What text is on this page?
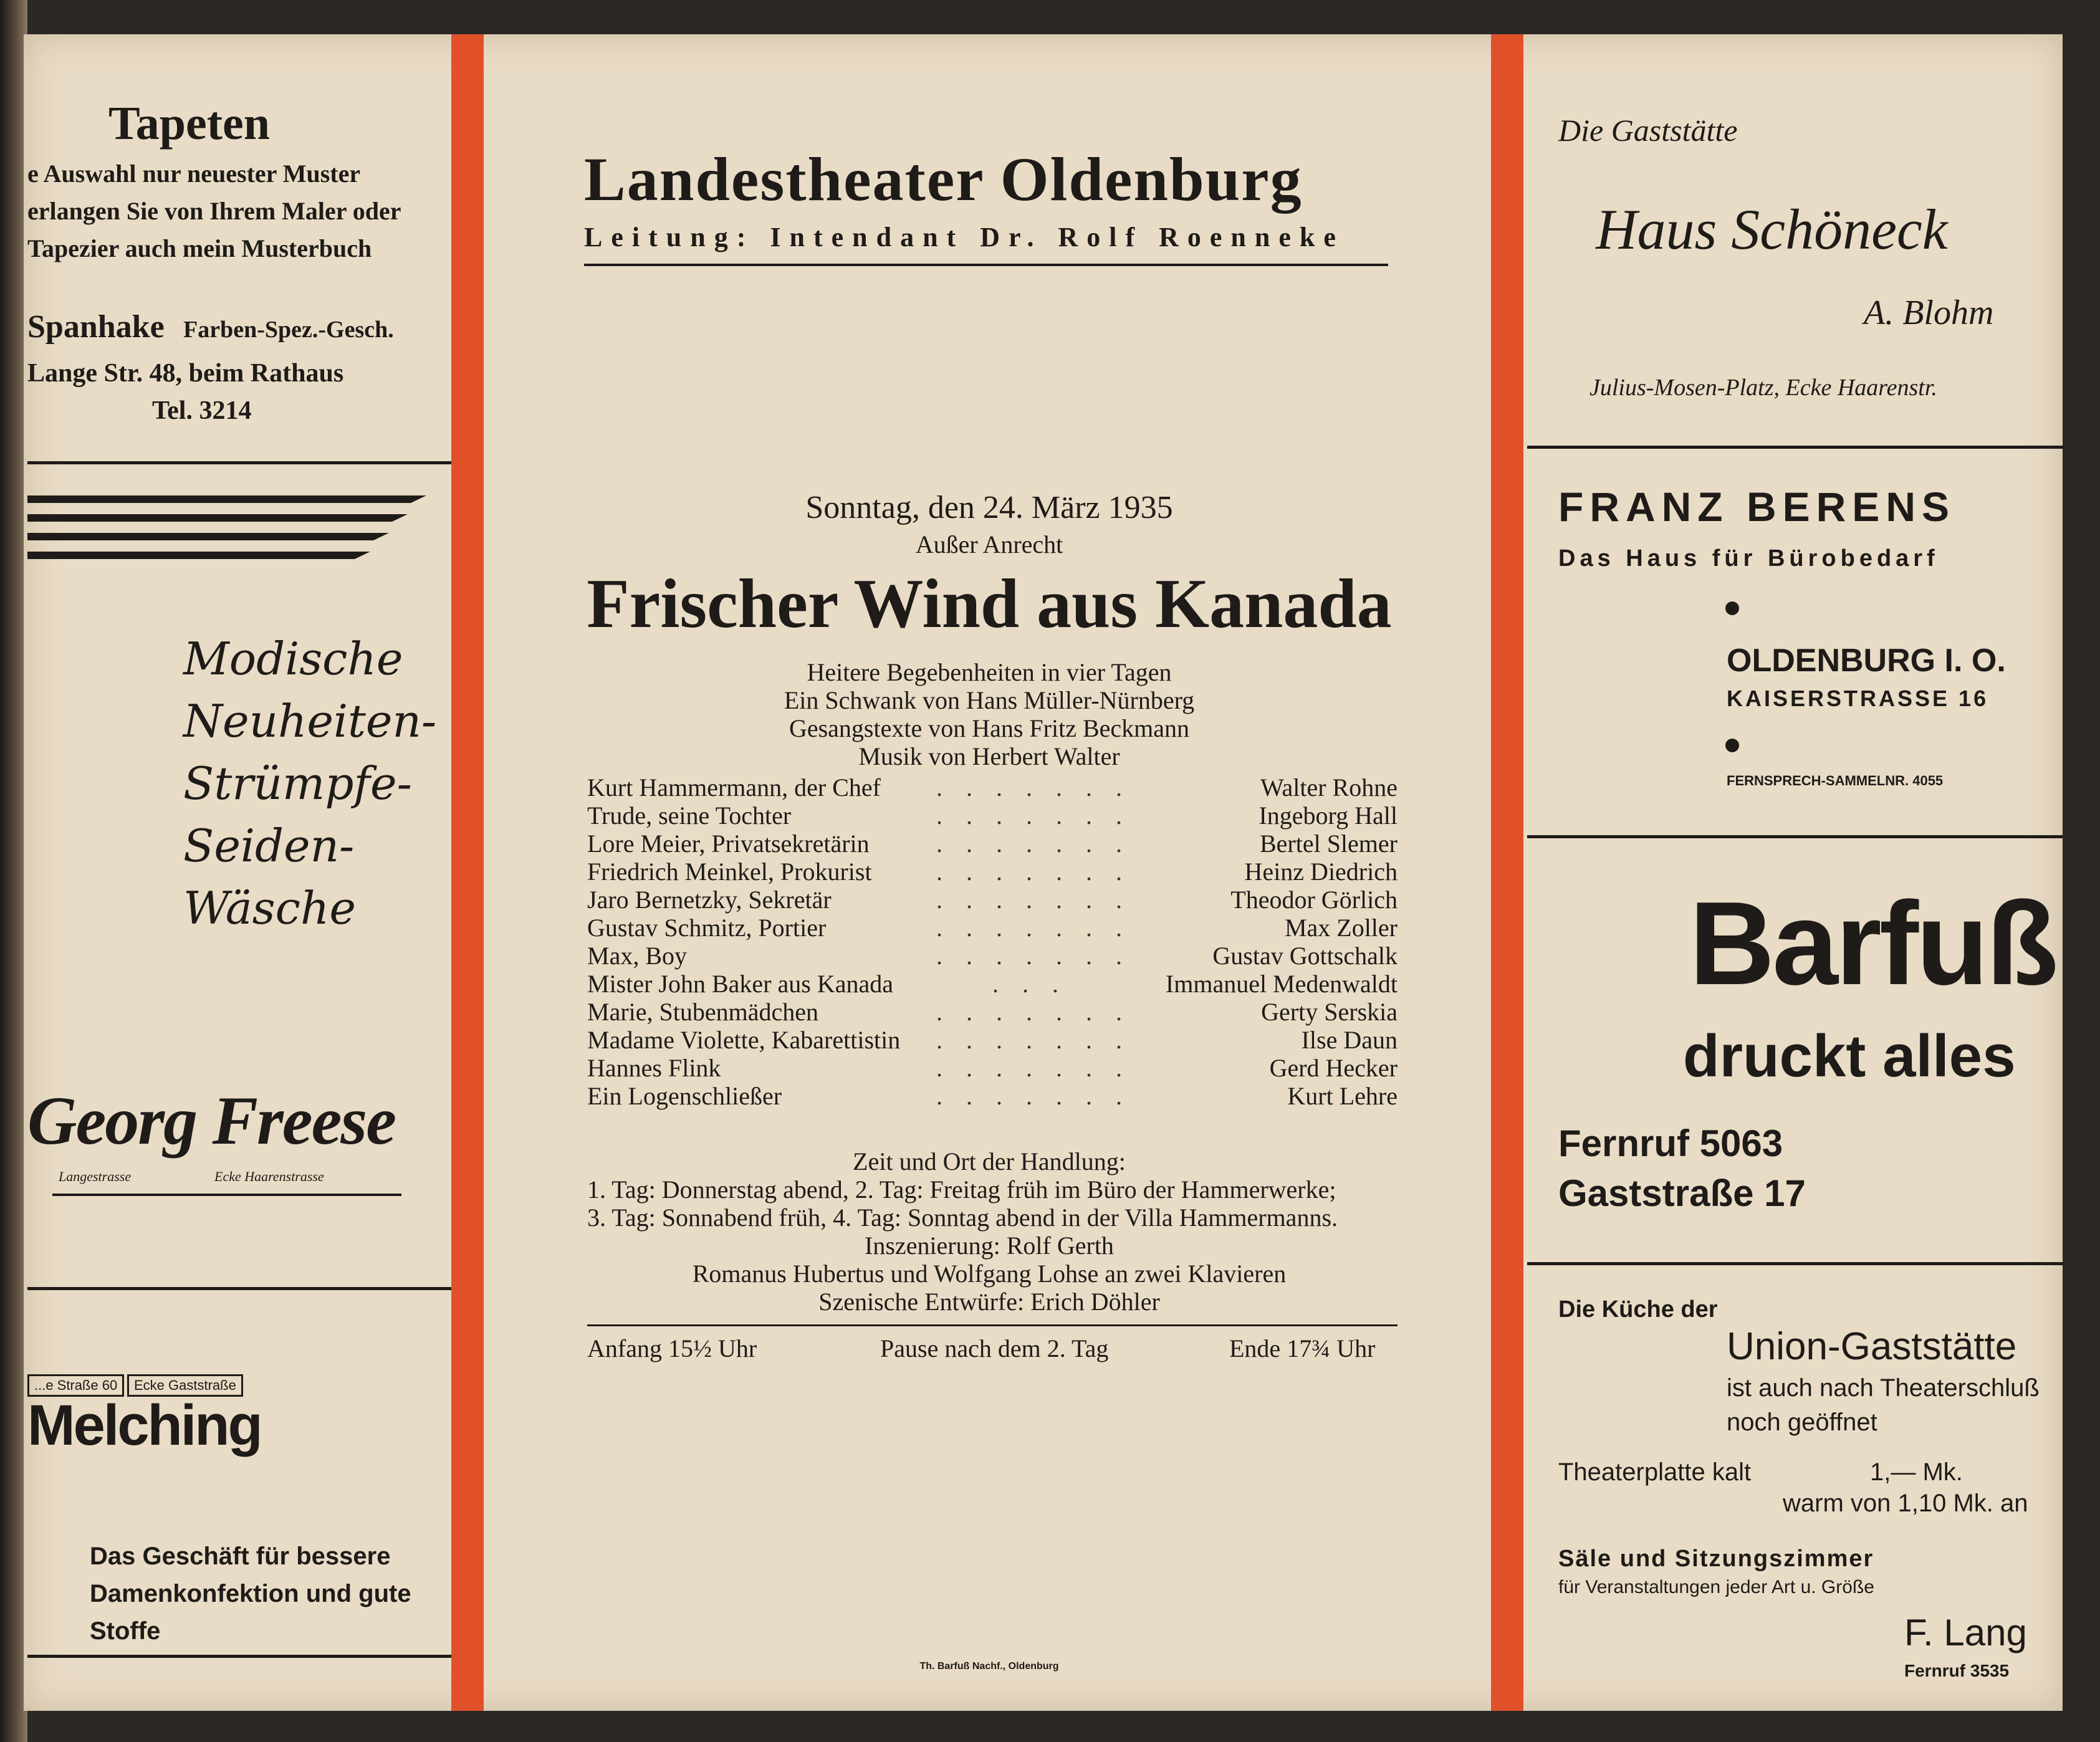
Tapeten
e Auswahl nur neuester Muster
erlangen Sie von Ihrem Maler oder
Tapezier auch mein Musterbuch
Spanhake Farben-Spez.-Gesch.
Lange Str. 48, beim Rathaus
Tel. 3214
Modische
Neuheiten-
Strümpfe-
Seiden-
Wäsche
Georg Freese
Langestrasse	Ecke Haarenstrasse
...e Straße 60	Ecke Gaststraße
Melching
Das Geschäft für bessere
Damenkonfektion und gute
Stoffe
Landestheater Oldenburg
Leitung: Intendant Dr. Rolf Roenneke
Sonntag, den 24. März 1935
Außer Anrecht
Frischer Wind aus Kanada
Heitere Begebenheiten in vier Tagen
Ein Schwank von Hans Müller-Nürnberg
Gesangstexte von Hans Fritz Beckmann
Musik von Herbert Walter
Kurt Hammermann, der Chef .......	Walter Rohne
Trude, seine Tochter	.......	Ingeborg Hall
Lore Meier, Privatsekretärin	.......	Bertel Slemer
Friedrich Meinkel, Prokurist	.......	Heinz Diedrich
Jaro Bernetzky, Sekretär	.......	Theodor Görlich
Gustav Schmitz, Portier	.......	Max Zoller
Max, Boy	.......	Gustav Gottschalk
Mister John Baker aus Kanada	...	Immanuel Medenwaldt
Marie, Stubenmädchen	.......	Gerty Serskia
Madame Violette, Kabarettistin .......	Ilse Daun
Hannes Flink	.......	Gerd Hecker
Ein Logenschließer	.......	Kurt Lehre
Zeit und Ort der Handlung:
1. Tag: Donnerstag abend, 2. Tag: Freitag früh im Büro der Hammerwerke;
3. Tag: Sonnabend früh, 4. Tag: Sonntag abend in der Villa Hammermanns.
Inszenierung: Rolf Gerth
Romanus Hubertus und Wolfgang Lohse an zwei Klavieren
Szenische Entwürfe: Erich Döhler
Anfang 15½ Uhr	Pause nach dem 2. Tag	Ende 17¾ Uhr
Th. Barfuß Nachf., Oldenburg
Die Gaststätte
Haus Schöneck
A. Blohm
Julius-Mosen-Platz, Ecke Haarenstr.
FRANZ BERENS
Das Haus für Bürobedarf
OLDENBURG I. O.
KAISERSTRASSE 16
FERNSPRECH-SAMMELNR. 4055
Barfuß
druckt alles
Fernruf 5063
Gaststraße 17
Die Küche der
Union-Gaststätte
ist auch nach Theaterschluß
noch geöffnet
Theaterplatte kalt	1,— Mk.
warm von 1,10 Mk. an
Säle und Sitzungszimmer
für Veranstaltungen jeder Art u. Größe
F. Lang
Fernruf 3535
